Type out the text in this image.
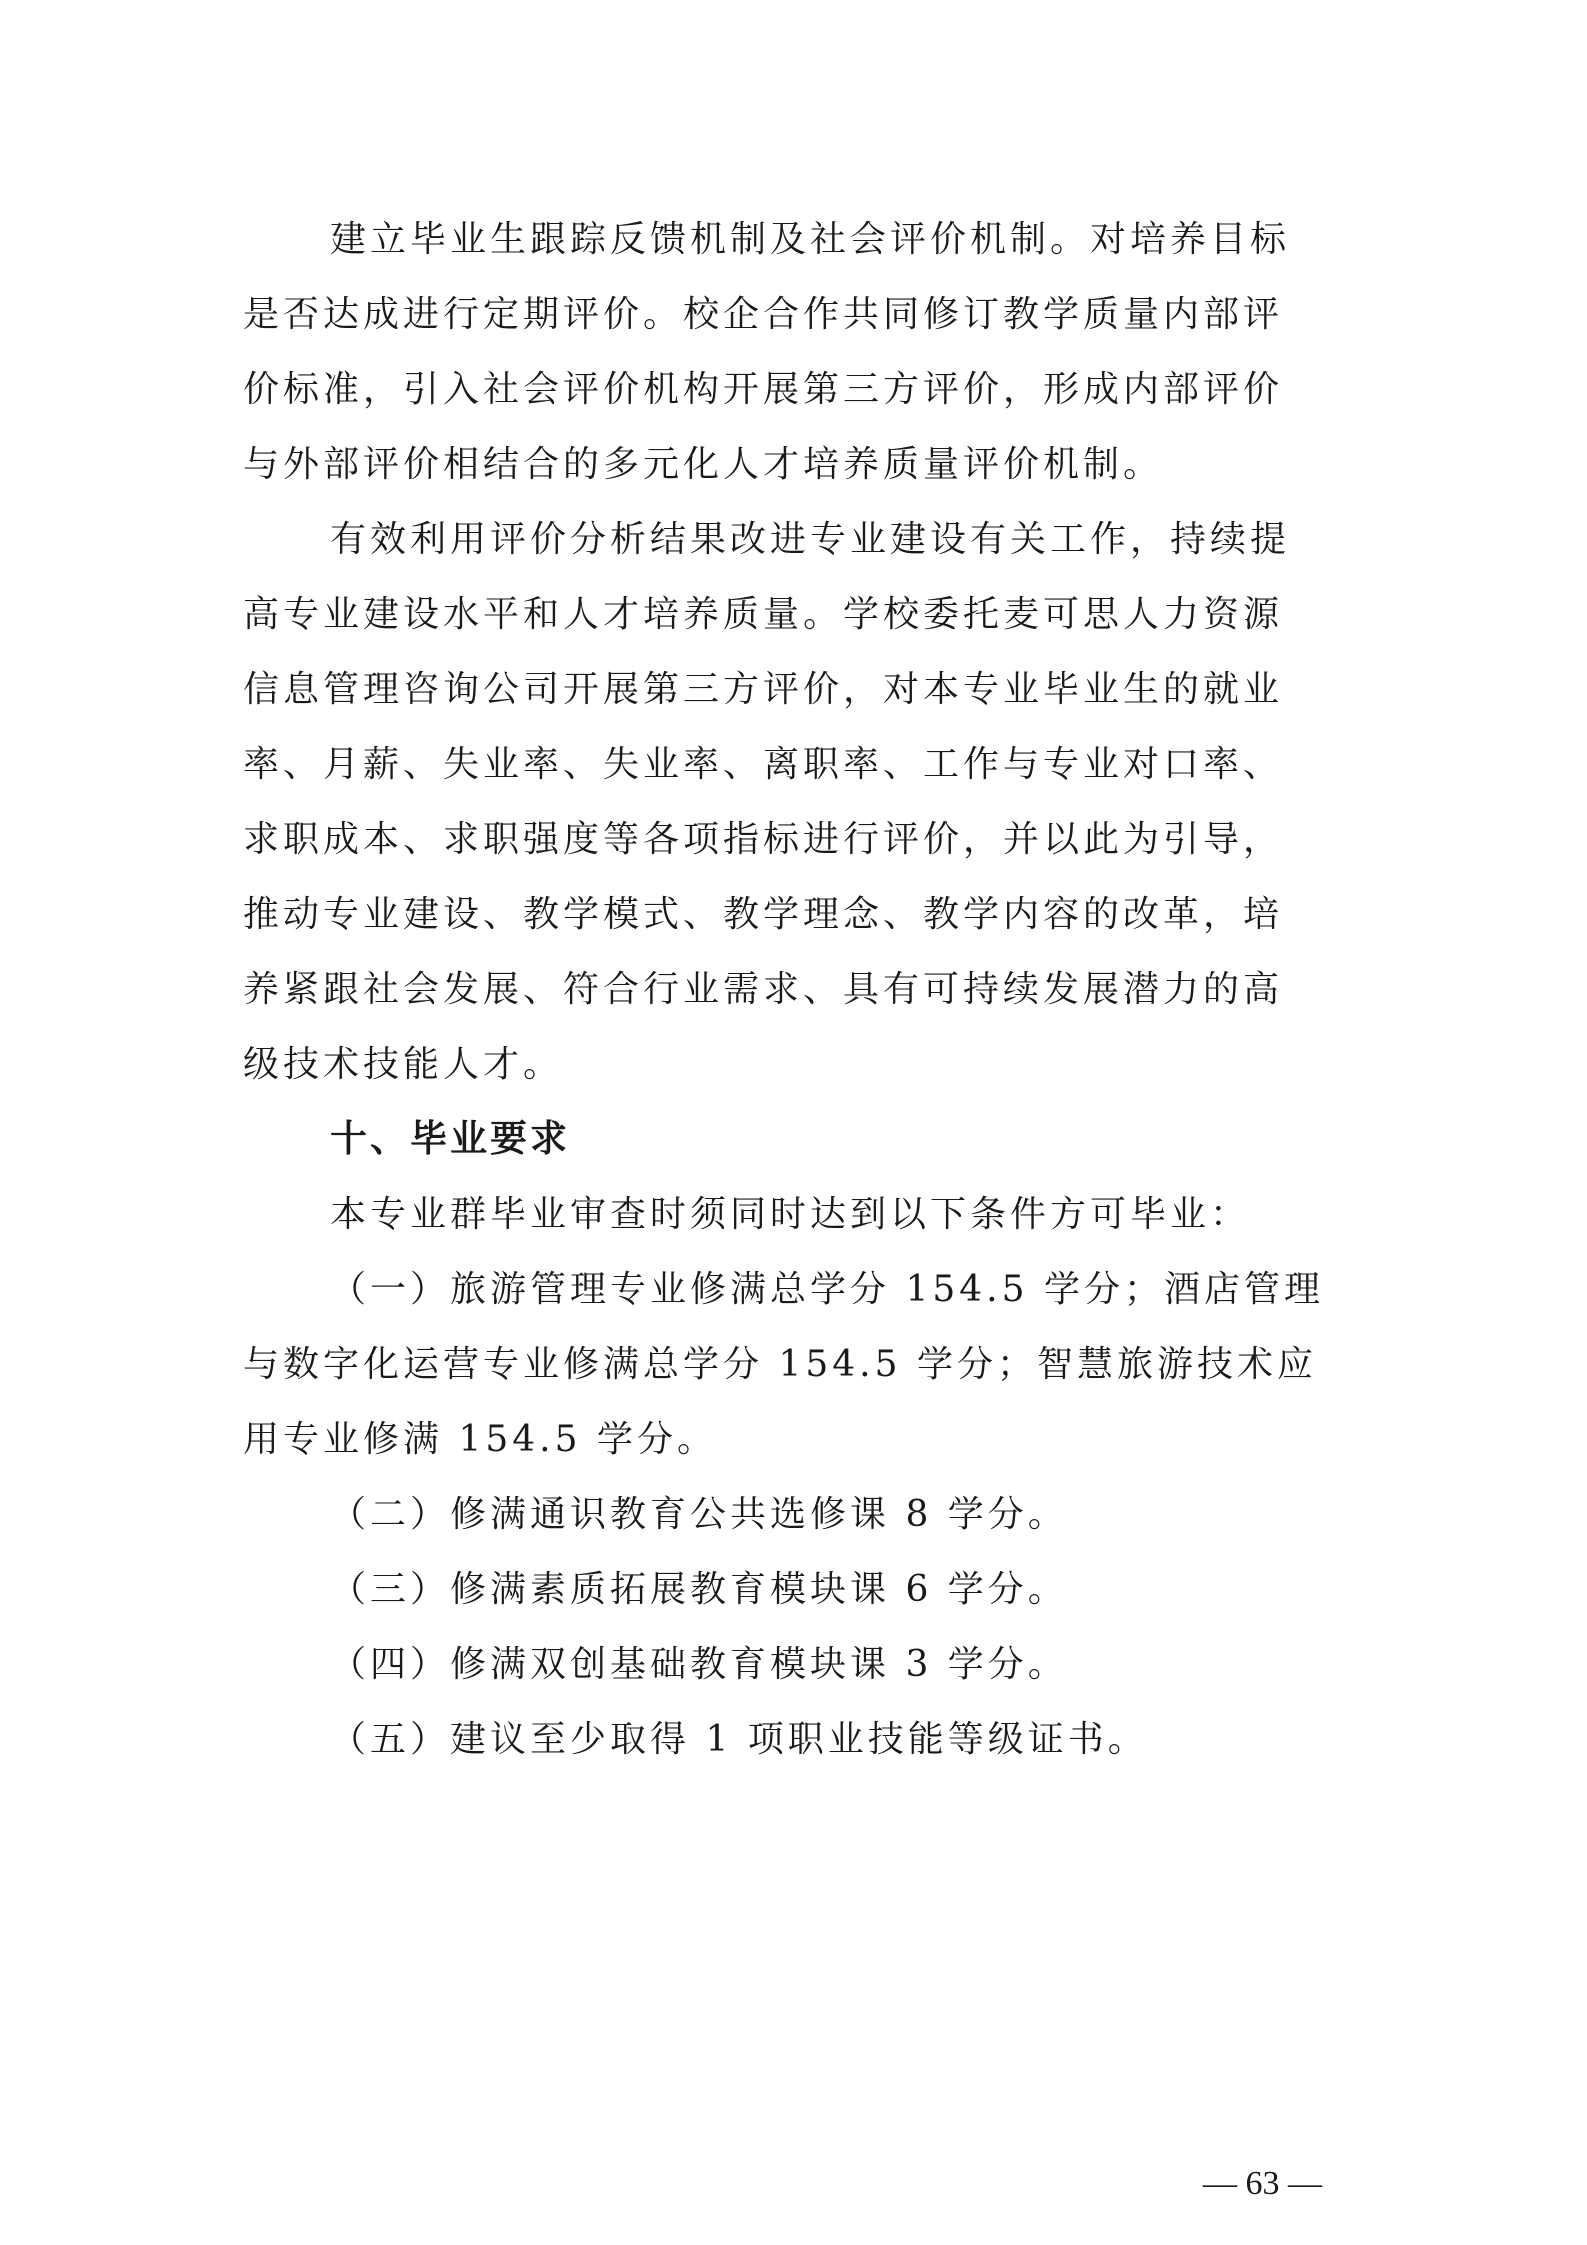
建立毕业生跟踪反馈机制及社会评价机制。对培养目标
是否达成进行定期评价。校企合作共同修订教学质量内部评
价标准，引入社会评价机构开展第三方评价，形成内部评价
与外部评价相结合的多元化人才培养质量评价机制。
有效利用评价分析结果改进专业建设有关工作，持续提
高专业建设水平和人才培养质量。学校委托麦可思人力资源
信息管理咨询公司开展第三方评价，对本专业毕业生的就业
率、月薪、失业率、失业率、离职率、工作与专业对口率、
求职成本、求职强度等各项指标进行评价，并以此为引导，
推动专业建设、教学模式、教学理念、教学内容的改革，培
养紧跟社会发展、符合行业需求、具有可持续发展潜力的高
级技术技能人才。
十、毕业要求
本专业群毕业审查时须同时达到以下条件方可毕业：
（一）旅游管理专业修满总学分 154.5 学分；酒店管理
与数字化运营专业修满总学分 154.5 学分；智慧旅游技术应
用专业修满 154.5 学分。
（二）修满通识教育公共选修课 8 学分。
（三）修满素质拓展教育模块课 6 学分。
（四）修满双创基础教育模块课 3 学分。
（五）建议至少取得 1 项职业技能等级证书。
— 63 —
